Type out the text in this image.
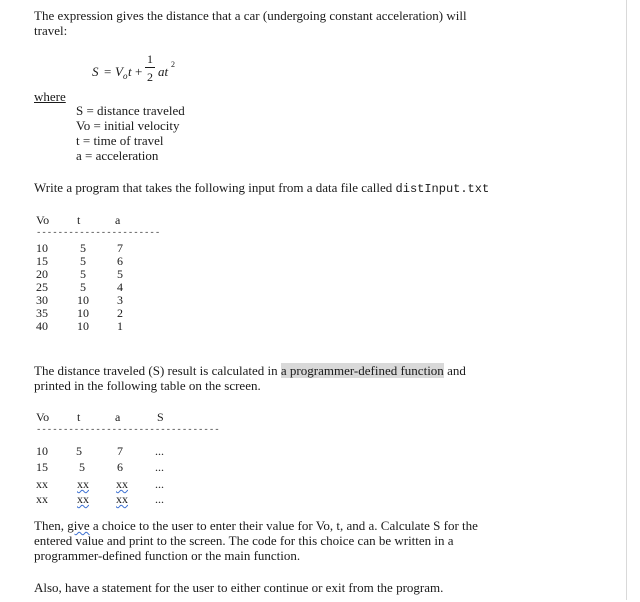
The expression gives the distance that a car (undergoing constant acceleration) will
travel:
S = V o t +
1
2 at 2
where
S = distance traveled
Vo = initial velocity
t = time of travel
a = acceleration
Write a program that takes the following input from a data file called distInput.txt
Vo t	a
-----------------------
10	5	7
15	5	6
20	5	5
25	5	4
30 10 3
35 10 2
40 10 1
The distance traveled (S) result is calculated in a programmer-defined function and
printed in the following table on the screen.
Vo t	a	S
----------------------------------
10 5	7	...
15	5	6	...
xx xx xx ...
xx xx xx ...
Then, give a choice to the user to enter their value for Vo, t, and a. Calculate S for the
entered value and print to the screen. The code for this choice can be written in a
programmer-defined function or the main function.
Also, have a statement for the user to either continue or exit from the program.
